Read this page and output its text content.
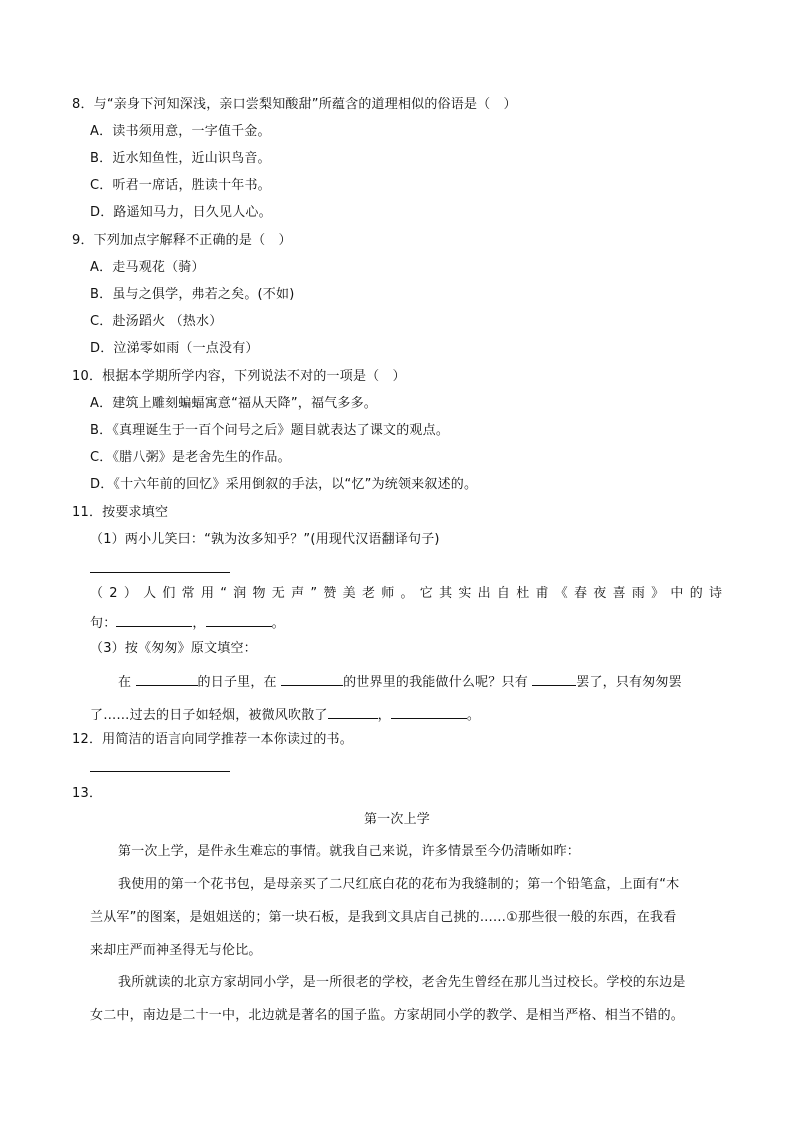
8．与“亲身下河知深浅，亲口尝梨知酸甜”所蕴含的道理相似的俗语是（　）
A．读书须用意，一字值千金。
B．近水知鱼性，近山识鸟音。
C．听君一席话，胜读十年书。
D．路遥知马力，日久见人心。
9．下列加点字解释不正确的是（　）
A．走马观花（骑）
B．虽与之俱学，弗若之矣。(不如)
C．赴汤蹈火 （热水）
D．泣涕零如雨（一点没有）
10．根据本学期所学内容，下列说法不对的一项是（　）
A．建筑上雕刻蝙蝠寓意“福从天降”，福气多多。
B．《真理诞生于一百个问号之后》题目就表达了课文的观点。
C．《腊八粥》是老舍先生的作品。
D．《十六年前的回忆》采用倒叙的手法，以“忆”为统领来叙述的。
11．按要求填空
（1）两小儿笑曰：“孰为汝多知乎？”(用现代汉语翻译句子)
（2）人们常用“润物无声”赞美老师。它其实出自杜甫《春夜喜雨》中的诗
句：	，	。
（3）按《匆匆》原文填空：
在	的日子里，在	的世界里的我能做什么呢？只有	罢了，只有匆匆罢
了……过去的日子如轻烟，被微风吹散了	，	。
12．用简洁的语言向同学推荐一本你读过的书。
13．
第一次上学
第一次上学，是件永生难忘的事情。就我自己来说，许多情景至今仍清晰如昨：
我使用的第一个花书包，是母亲买了二尺红底白花的花布为我缝制的；第一个铅笔盒，上面有“木
兰从军”的图案，是姐姐送的；第一块石板，是我到文具店自己挑的……①那些很一般的东西，在我看
来却庄严而神圣得无与伦比。
我所就读的北京方家胡同小学，是一所很老的学校，老舍先生曾经在那儿当过校长。学校的东边是
女二中，南边是二十一中，北边就是著名的国子监。方家胡同小学的教学、是相当严格、相当不错的。
